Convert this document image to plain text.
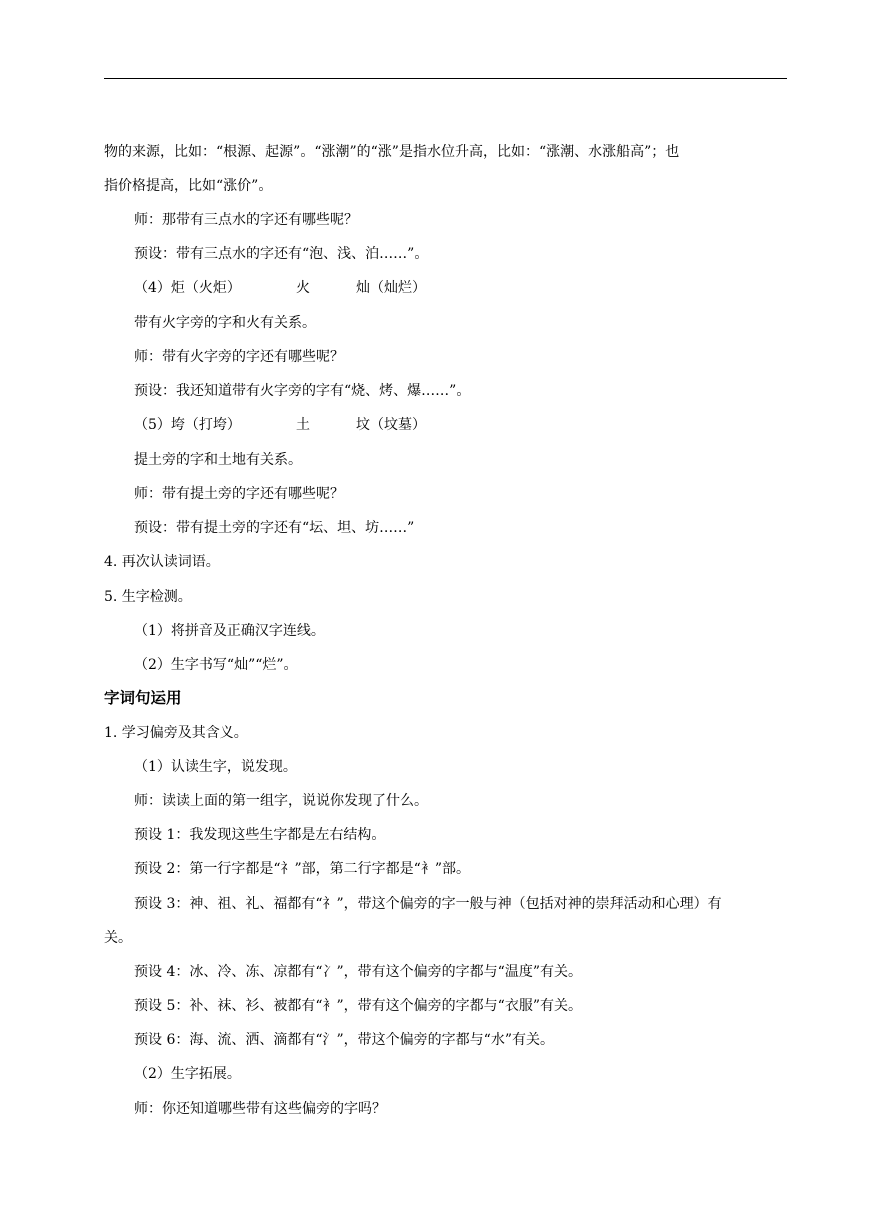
物的来源，比如：“根源、起源”。“涨潮”的“涨”是指水位升高，比如：“涨潮、水涨船高”；也
指价格提高，比如“涨价”。
师：那带有三点水的字还有哪些呢？
预设：带有三点水的字还有“泡、浅、泊……”。
（4）炬（火炬）	火	灿（灿烂）
带有火字旁的字和火有关系。
师：带有火字旁的字还有哪些呢？
预设：我还知道带有火字旁的字有“烧、烤、爆……”。
（5）垮（打垮）	土	坟（坟墓）
提土旁的字和土地有关系。
师：带有提土旁的字还有哪些呢？
预设：带有提土旁的字还有“坛、坦、坊……”
4. 再次认读词语。
5. 生字检测。
（1）将拼音及正确汉字连线。
（2）生字书写“灿”“烂”。
字词句运用
1. 学习偏旁及其含义。
（1）认读生字，说发现。
师：读读上面的第一组字，说说你发现了什么。
预设 1：我发现这些生字都是左右结构。
预设 2：第一行字都是“礻”部，第二行字都是“衤”部。
预设 3：神、祖、礼、福都有“礻”，带这个偏旁的字一般与神（包括对神的崇拜活动和心理）有
关。
预设 4：冰、冷、冻、凉都有“冫”，带有这个偏旁的字都与“温度”有关。
预设 5：补、袜、衫、被都有“衤”，带有这个偏旁的字都与“衣服”有关。
预设 6：海、流、洒、滴都有“氵”，带这个偏旁的字都与“水”有关。
（2）生字拓展。
师：你还知道哪些带有这些偏旁的字吗？
